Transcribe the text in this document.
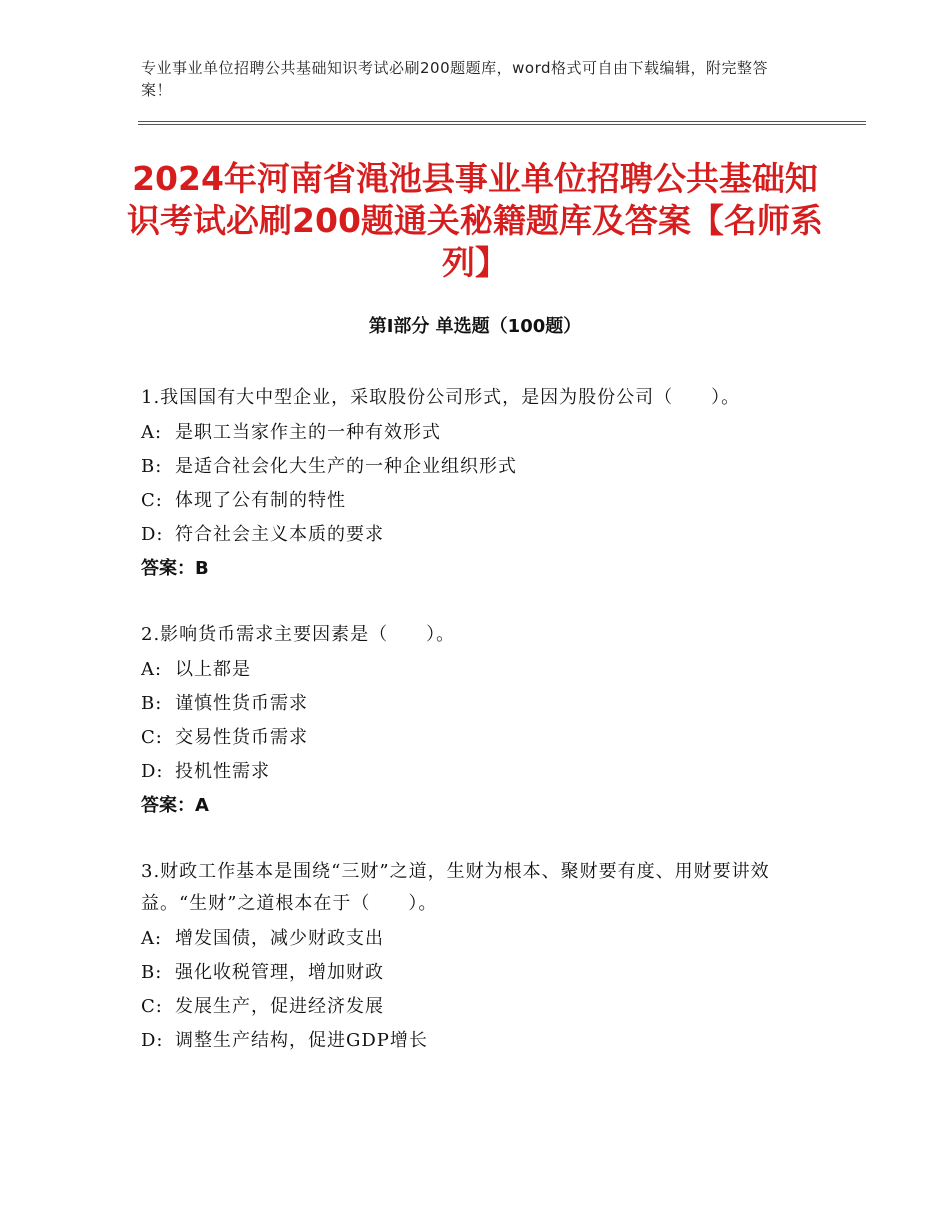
专业事业单位招聘公共基础知识考试必刷200题题库，word格式可自由下载编辑，附完整答案！
2024年河南省渑池县事业单位招聘公共基础知识考试必刷200题通关秘籍题库及答案【名师系列】
第Ⅰ部分 单选题（100题）
1.我国国有大中型企业，采取股份公司形式，是因为股份公司（　　）。
A: 是职工当家作主的一种有效形式
B: 是适合社会化大生产的一种企业组织形式
C: 体现了公有制的特性
D: 符合社会主义本质的要求
答案：B
2.影响货币需求主要因素是（　　）。
A: 以上都是
B: 谨慎性货币需求
C: 交易性货币需求
D: 投机性需求
答案：A
3.财政工作基本是围绕“三财”之道，生财为根本、聚财要有度、用财要讲效益。“生财”之道根本在于（　　）。
A: 增发国债，减少财政支出
B: 强化收税管理，增加财政
C: 发展生产，促进经济发展
D: 调整生产结构，促进GDP增长
